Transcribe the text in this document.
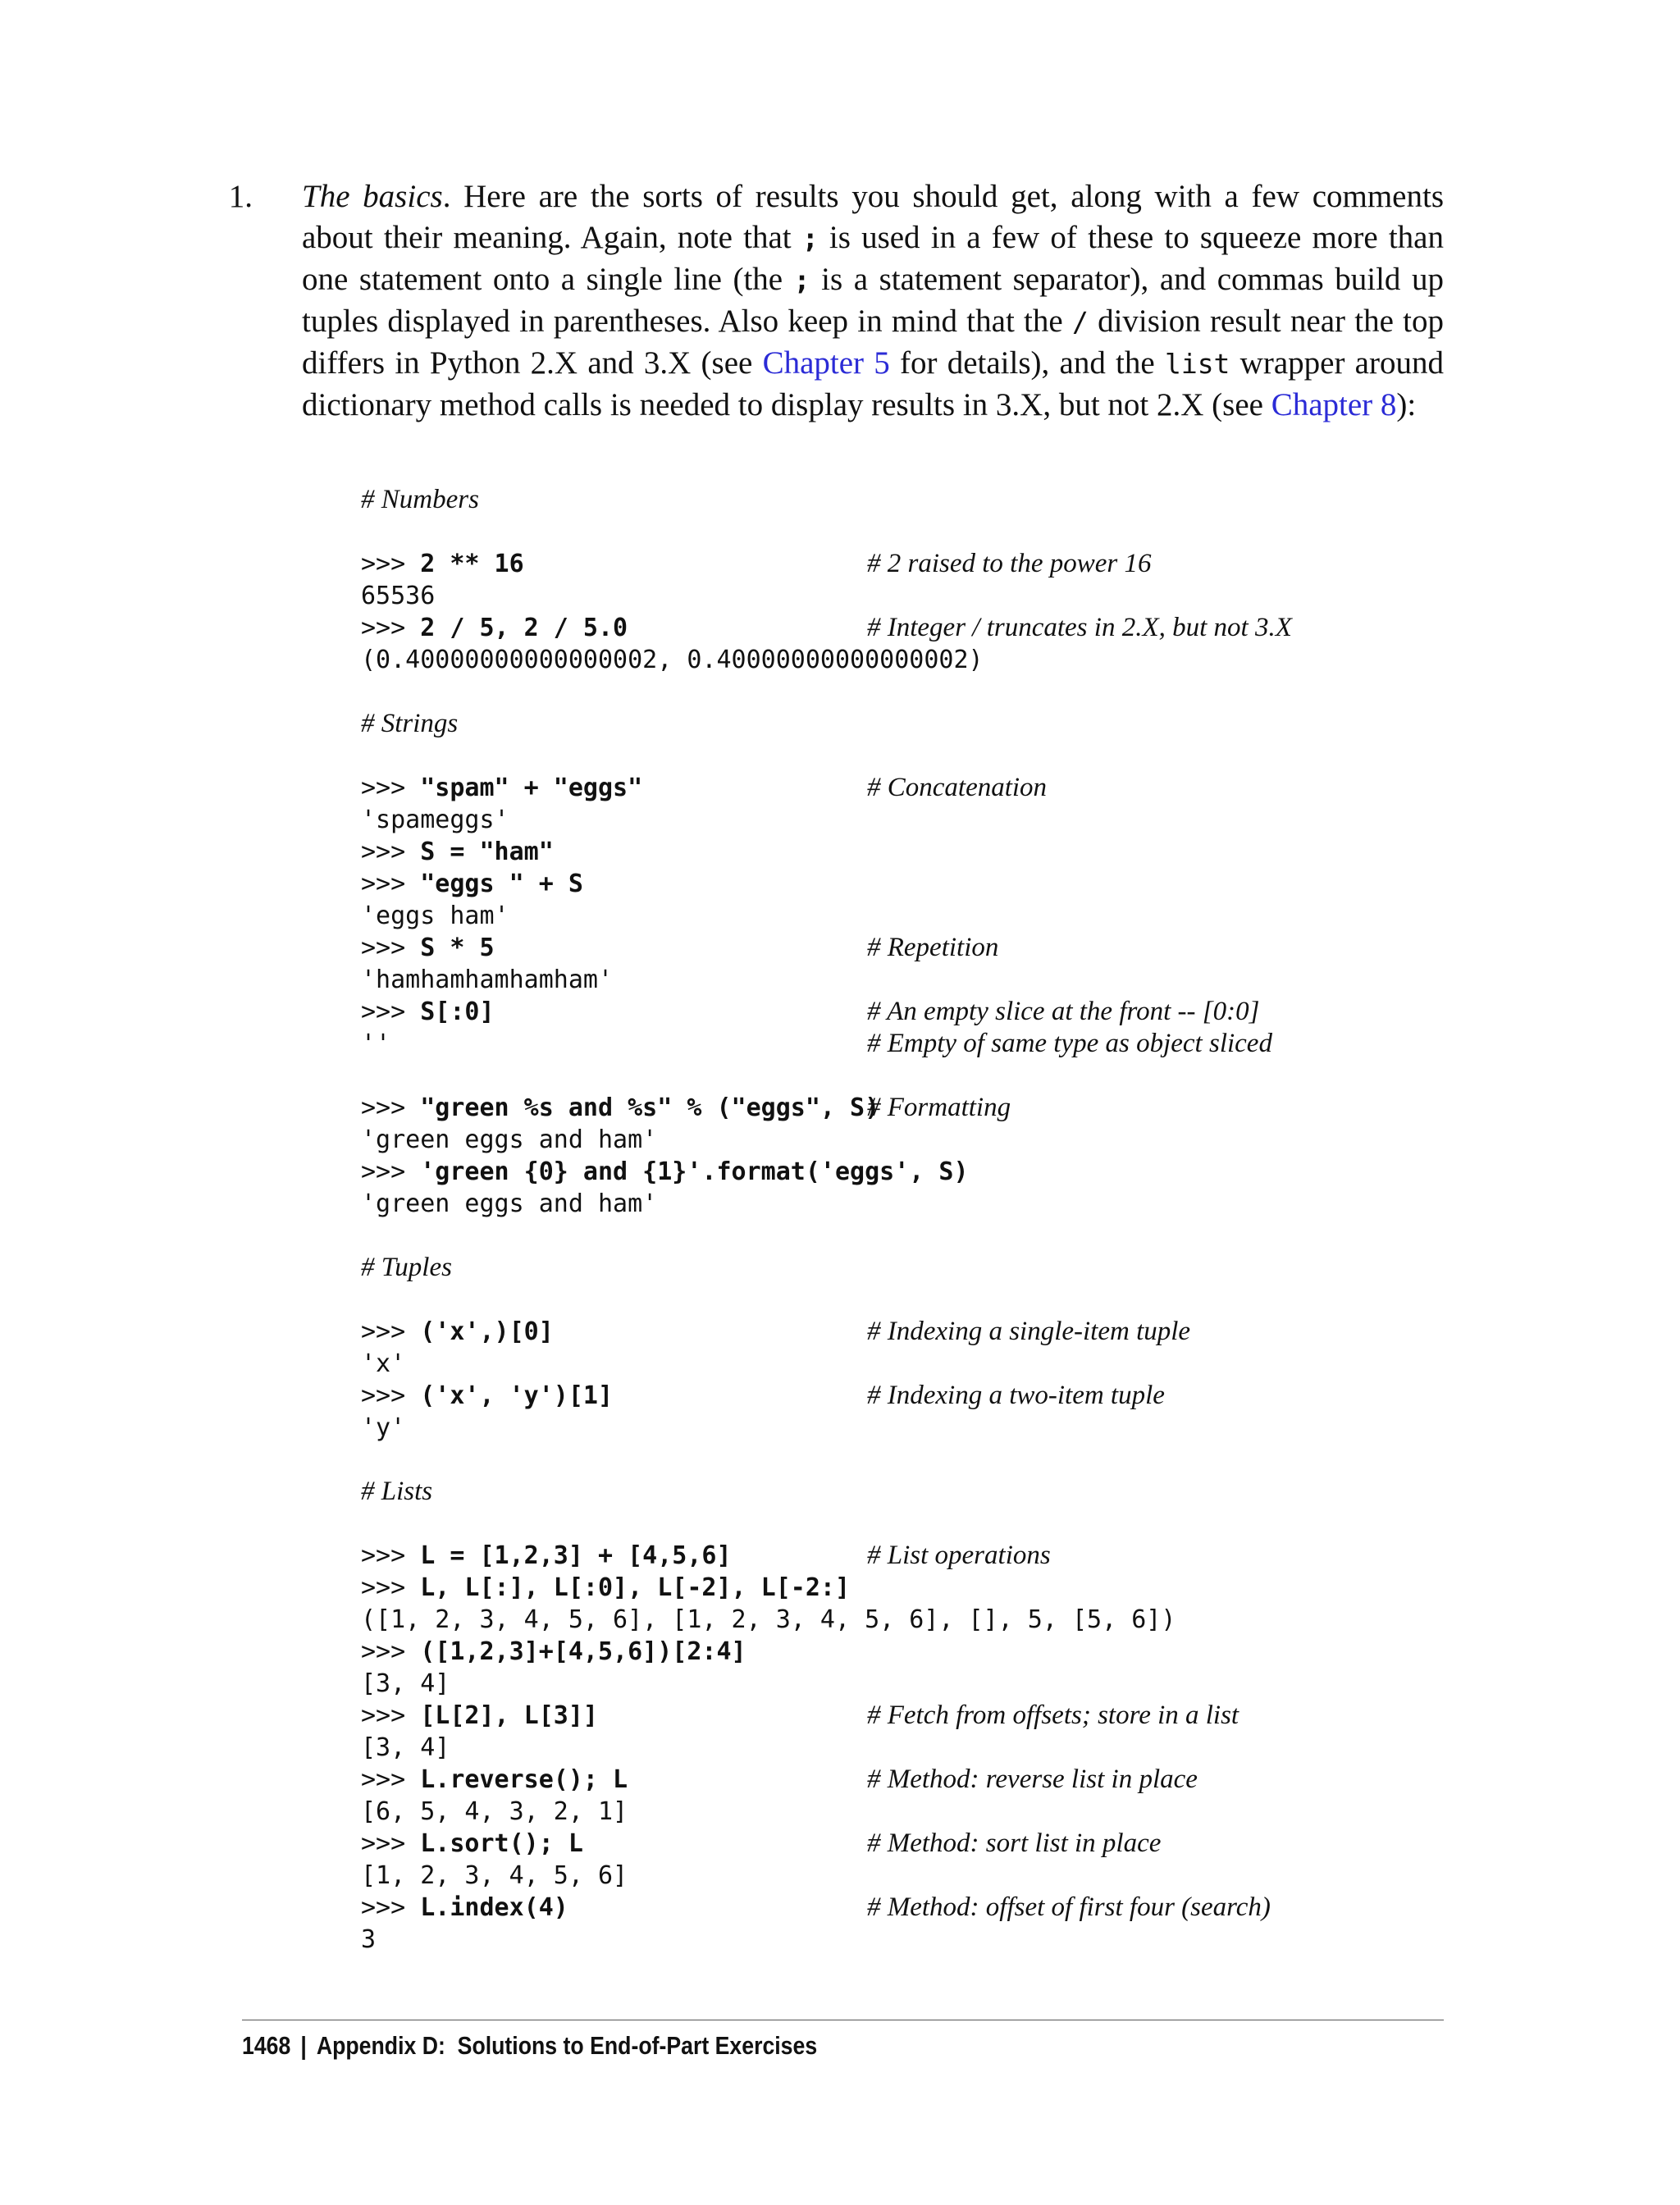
1. The basics. Here are the sorts of results you should get, along with a few comments about their meaning. Again, note that ; is used in a few of these to squeeze more than one statement onto a single line (the ; is a statement separator), and commas build up tuples displayed in parentheses. Also keep in mind that the / division result near the top differs in Python 2.X and 3.X (see Chapter 5 for details), and the list wrapper around dictionary method calls is needed to display results in 3.X, but not 2.X (see Chapter 8):
# Numbers
>>> 2 ** 16	# 2 raised to the power 16
65536
>>> 2 / 5, 2 / 5.0	# Integer / truncates in 2.X, but not 3.X
(0.40000000000000002, 0.40000000000000002)
# Strings
>>> "spam" + "eggs"	# Concatenation
'spameggs'
>>> S = "ham"
>>> "eggs " + S
'eggs ham'
>>> S * 5	# Repetition
'hamhamhamhamham'
>>> S[:0]	# An empty slice at the front -- [0:0]
''	# Empty of same type as object sliced
>>> "green %s and %s" % ("eggs", S)
# Formatting
'green eggs and ham'
>>> 'green {0} and {1}'.format('eggs', S)
'green eggs and ham'
# Tuples
>>> ('x',)[0]	# Indexing a single-item tuple
'x'
>>> ('x', 'y')[1]	# Indexing a two-item tuple
'y'
# Lists
>>> L = [1,2,3] + [4,5,6]	# List operations
>>> L, L[:], L[:0], L[-2], L[-2:]
([1, 2, 3, 4, 5, 6], [1, 2, 3, 4, 5, 6], [], 5, [5, 6])
>>> ([1,2,3]+[4,5,6])[2:4]
[3, 4]
>>> [L[2], L[3]]	# Fetch from offsets; store in a list
[3, 4]
>>> L.reverse(); L	# Method: reverse list in place
[6, 5, 4, 3, 2, 1]
>>> L.sort(); L	# Method: sort list in place
[1, 2, 3, 4, 5, 6]
>>> L.index(4)	# Method: offset of first four (search)
3
1468 | Appendix D:  Solutions to End-of-Part Exercises
